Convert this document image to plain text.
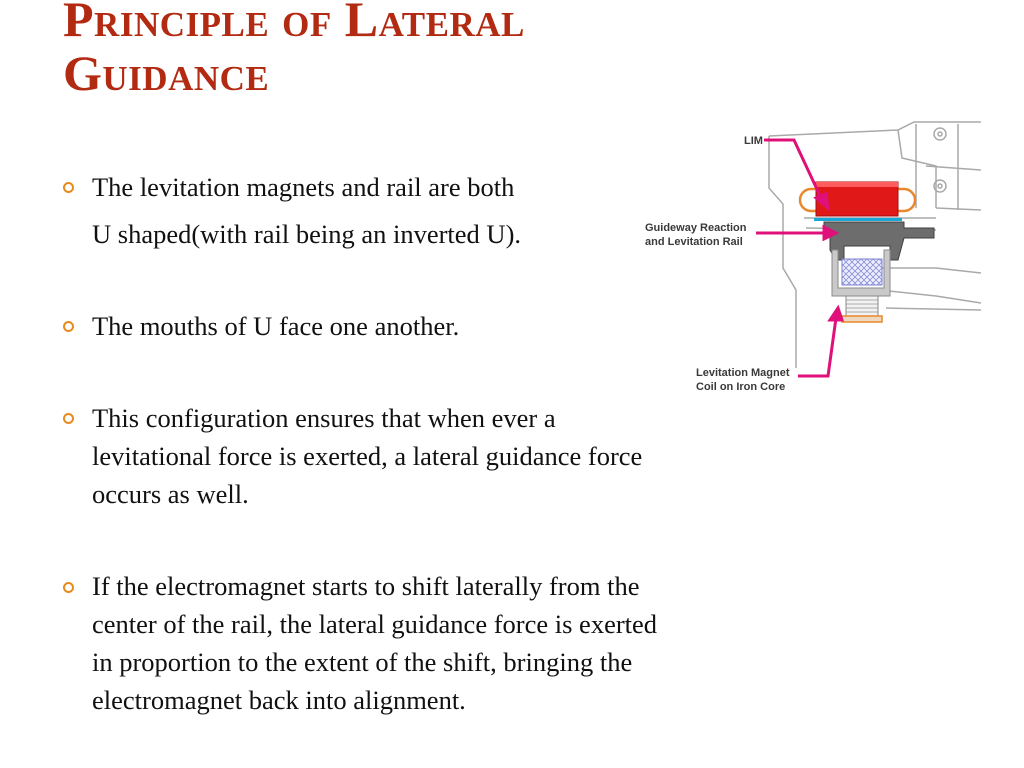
Principle of Lateral
Guidance
The levitation magnets and rail are both
U shaped(with rail being an inverted U).
The mouths of U face one another.
This configuration ensures that when ever a
levitational force is exerted, a lateral guidance force
occurs as well.
If the electromagnet starts to shift laterally from the
center of the rail, the lateral guidance force is exerted
in proportion to the extent of the shift, bringing the
electromagnet back into alignment.
LIM
Guideway Reaction
and Levitation Rail
Levitation Magnet
Coil on Iron Core
